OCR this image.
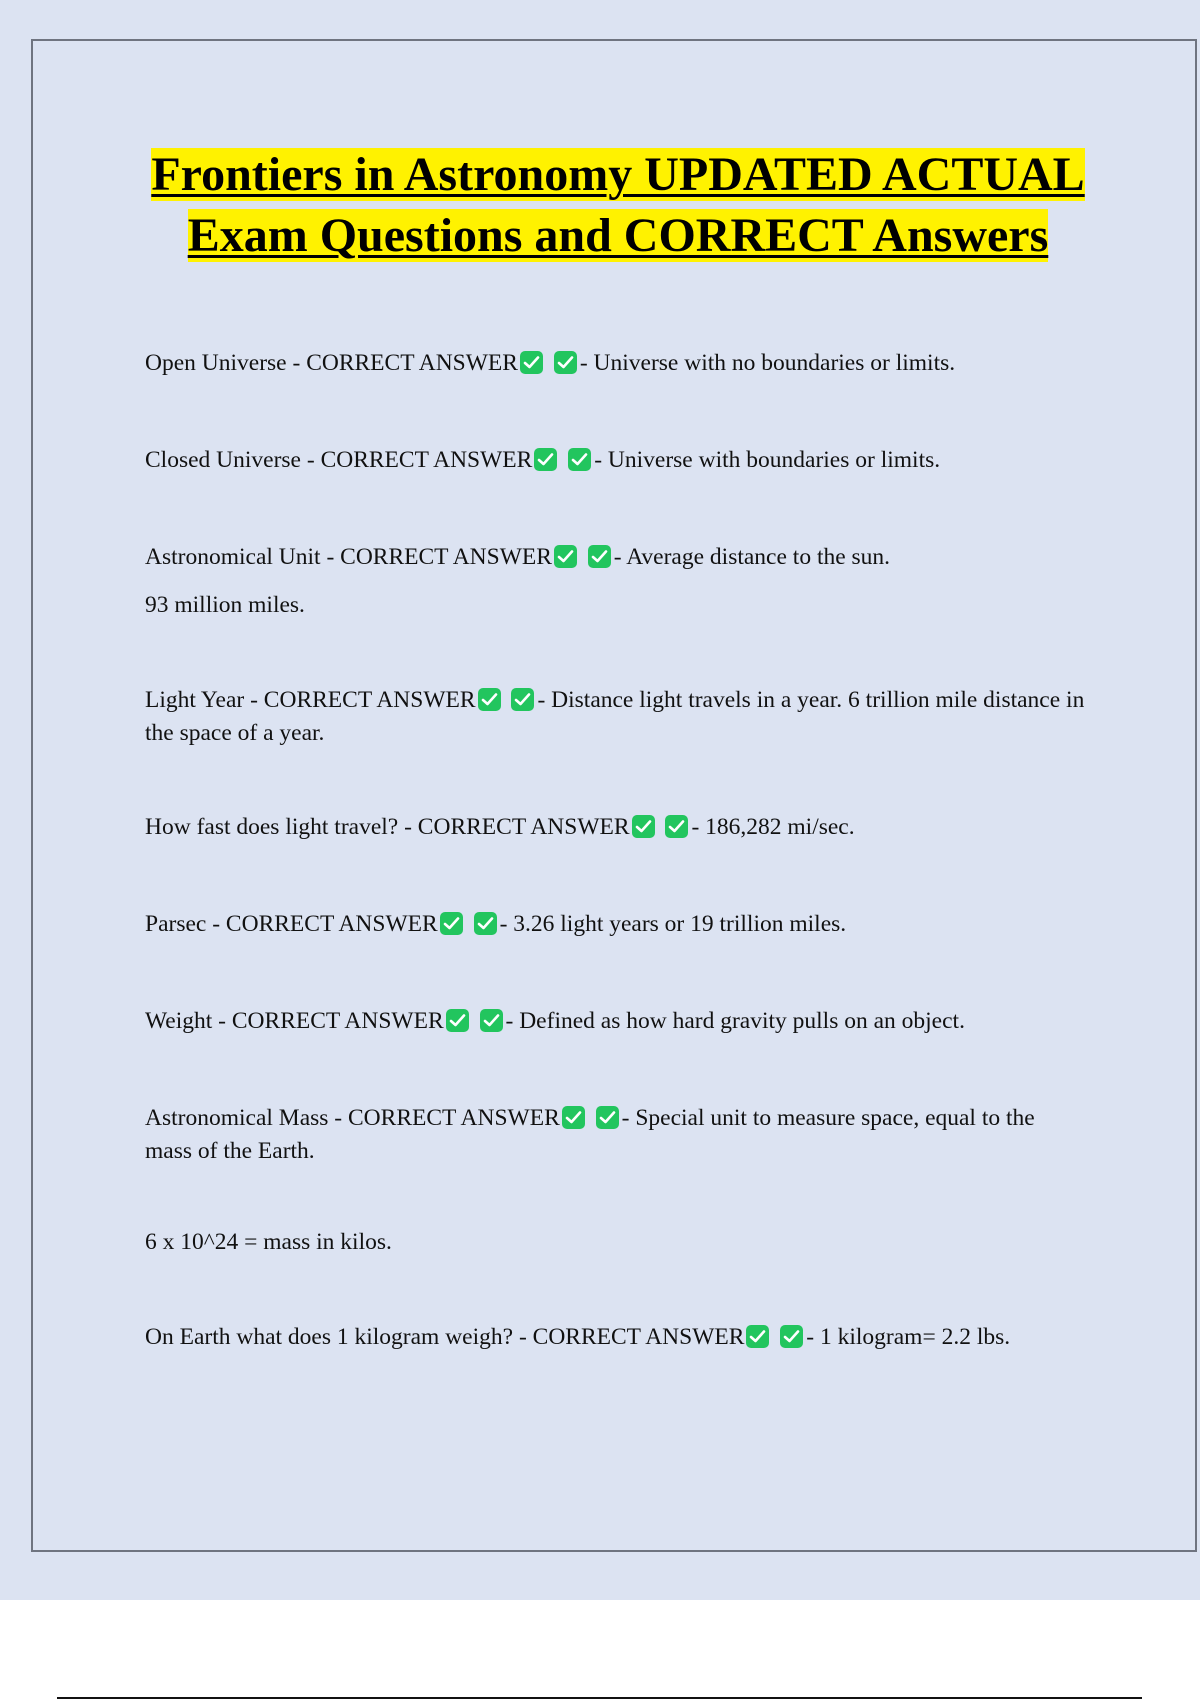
Frontiers in Astronomy UPDATED ACTUAL Exam Questions and CORRECT Answers

Open Universe - CORRECT ANSWER
	- Universe with no boundaries or limits.

Closed Universe - CORRECT ANSWER
	- Universe with boundaries or limits.

Astronomical Unit - CORRECT ANSWER
	- Average distance to the sun.

93 million miles.

Light Year - CORRECT ANSWER
	- Distance light travels in a year. 6 trillion mile distance in the space of a year.

How fast does light travel? - CORRECT ANSWER
	- 186,282 mi/sec.

Parsec - CORRECT ANSWER
	- 3.26 light years or 19 trillion miles.

Weight - CORRECT ANSWER
	- Defined as how hard gravity pulls on an object.

Astronomical Mass - CORRECT ANSWER
	- Special unit to measure space, equal to the mass of the Earth.

6 x 10^24 = mass in kilos.

On Earth what does 1 kilogram weigh? - CORRECT ANSWER
	- 1 kilogram= 2.2 lbs.
